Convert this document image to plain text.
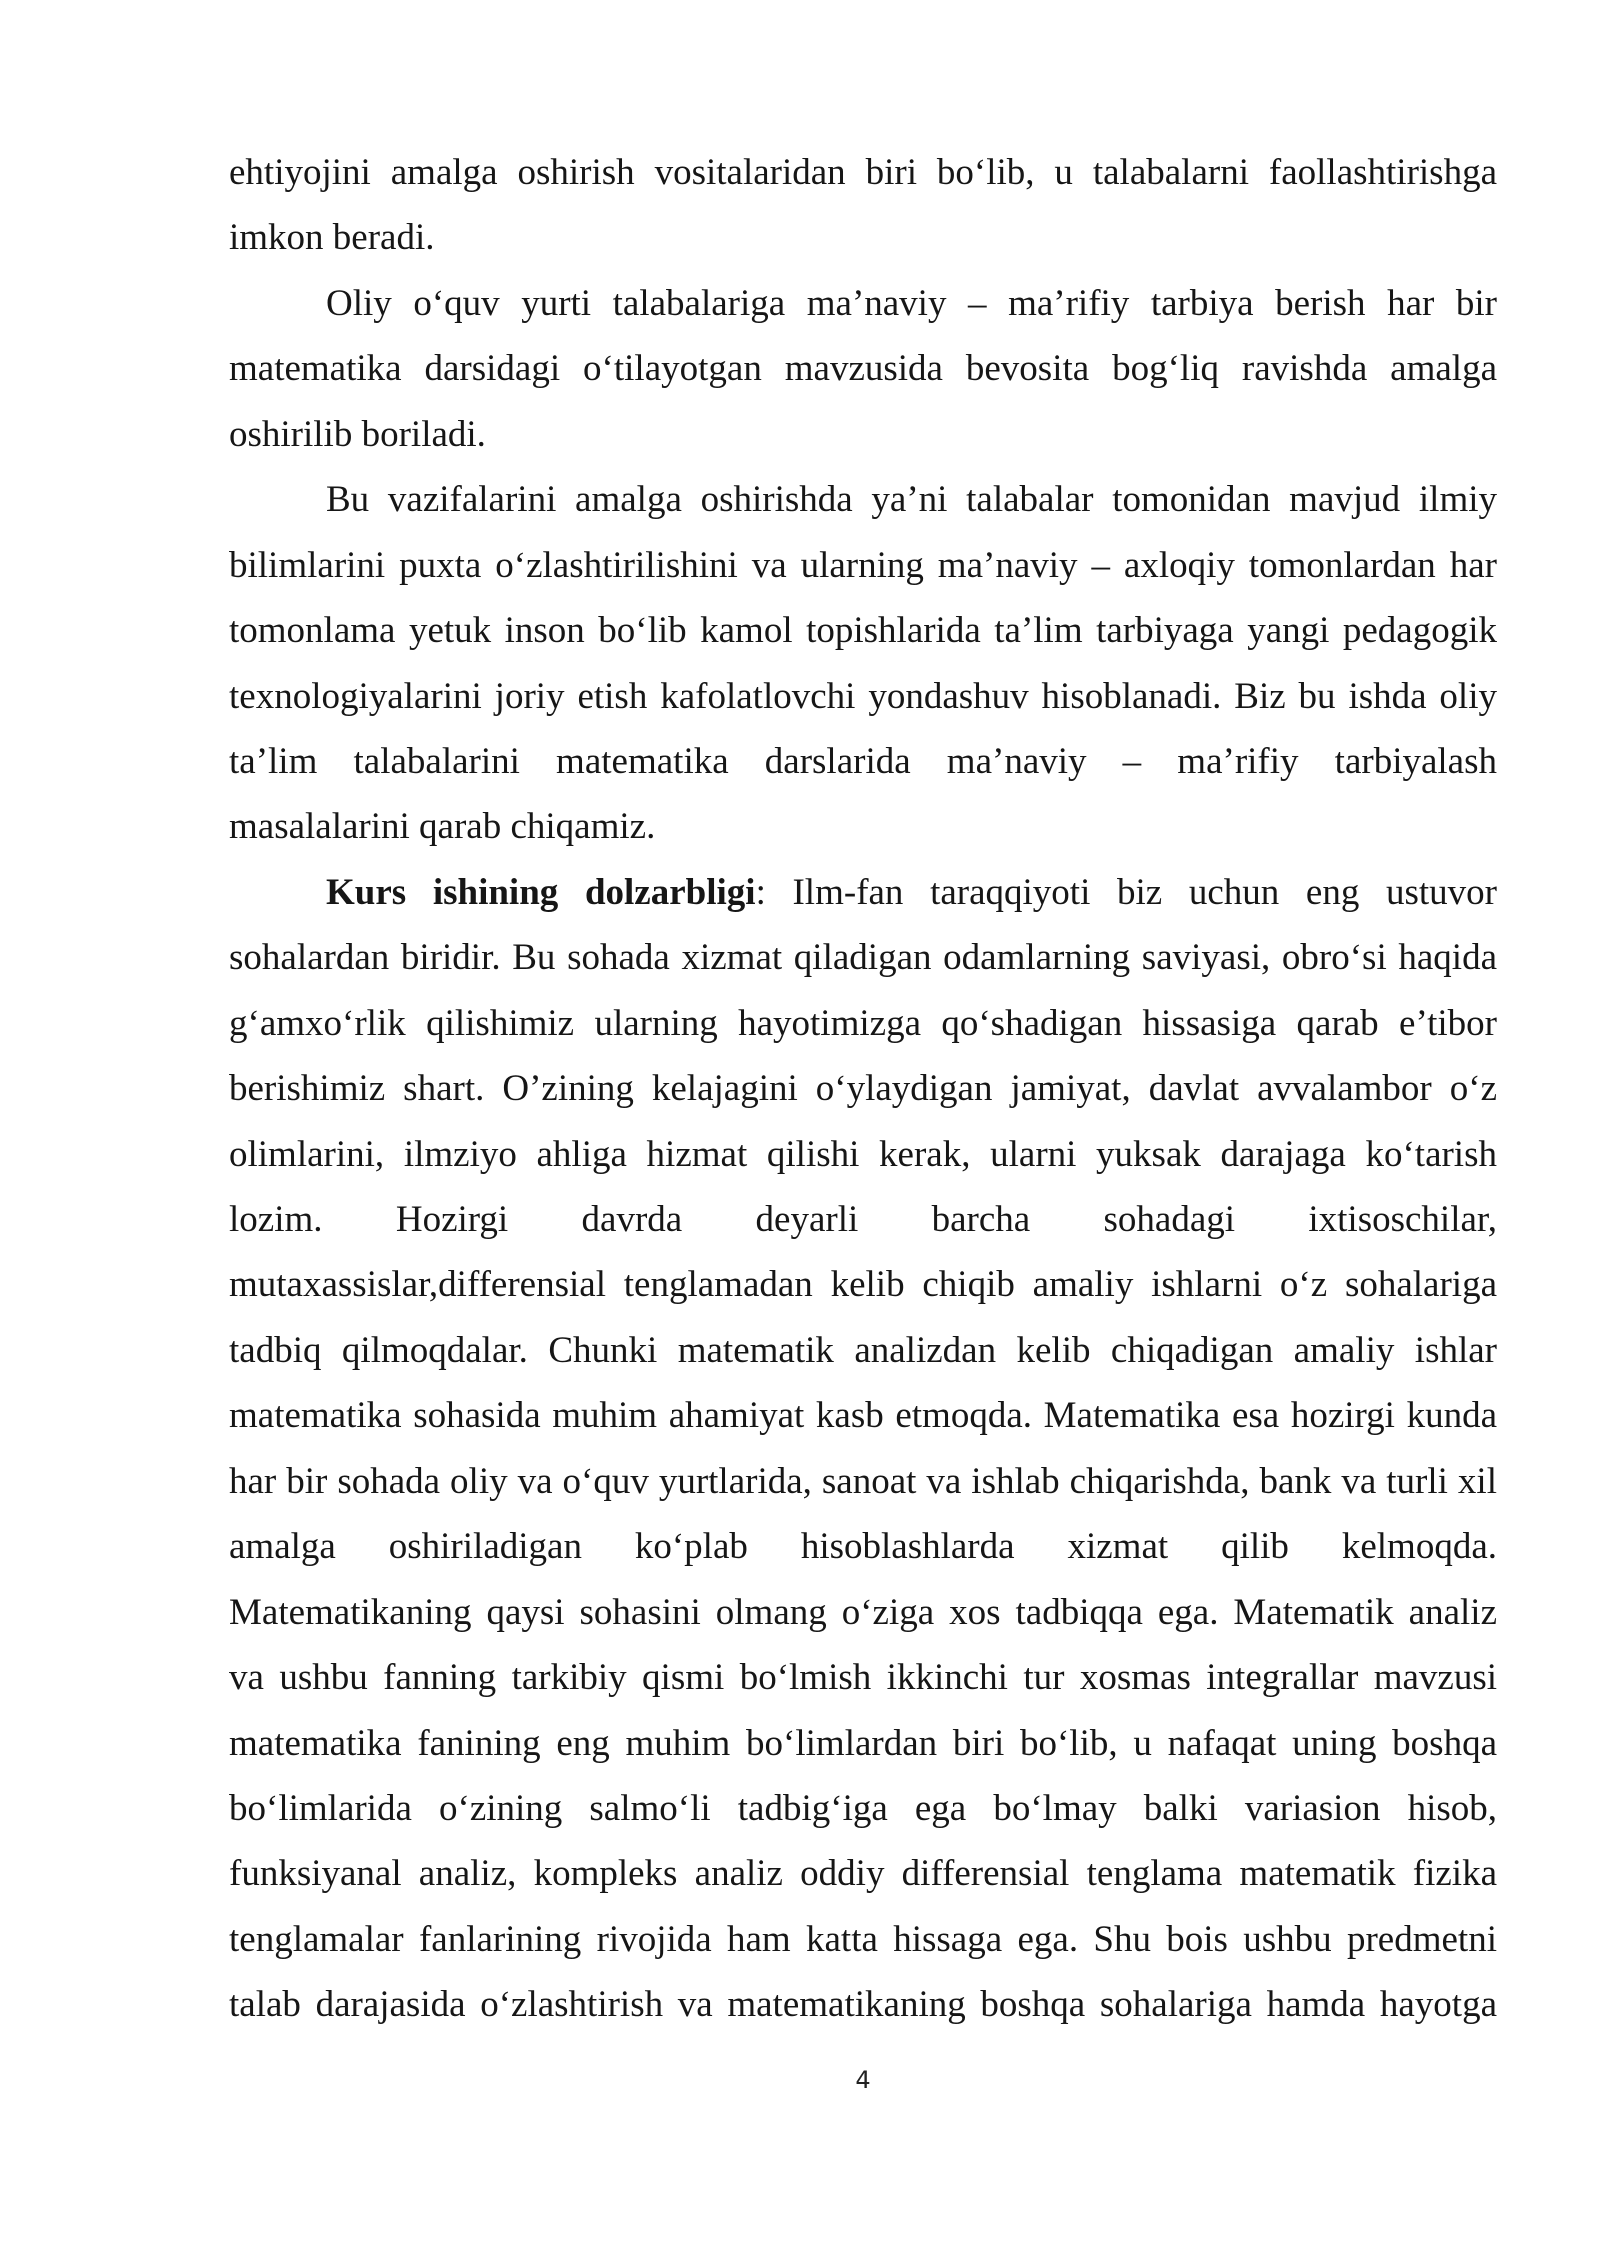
ehtiyojini amalga oshirish vositalaridan biri bo‘lib, u talabalarni faollashtirishga
imkon beradi.
Oliy o‘quv yurti talabalariga ma’naviy – ma’rifiy tarbiya berish har bir
matematika darsidagi o‘tilayotgan mavzusida bevosita bog‘liq ravishda amalga
oshirilib boriladi.
Bu vazifalarini amalga oshirishda ya’ni talabalar tomonidan mavjud ilmiy
bilimlarini puxta o‘zlashtirilishini va ularning ma’naviy – axloqiy tomonlardan har
tomonlama yetuk inson bo‘lib kamol topishlarida ta’lim tarbiyaga yangi pedagogik
texnologiyalarini joriy etish kafolatlovchi yondashuv hisoblanadi. Biz bu ishda oliy
ta’lim talabalarini matematika darslarida ma’naviy – ma’rifiy tarbiyalash
masalalarini qarab chiqamiz.
Kurs ishining dolzarbligi: Ilm-fan taraqqiyoti biz uchun eng ustuvor
sohalardan biridir. Bu sohada xizmat qiladigan odamlarning saviyasi, obro‘si haqida
g‘amxo‘rlik qilishimiz ularning hayotimizga qo‘shadigan hissasiga qarab e’tibor
berishimiz shart. O’zining kelajagini o‘ylaydigan jamiyat, davlat avvalambor o‘z
olimlarini, ilmziyo ahliga hizmat qilishi kerak, ularni yuksak darajaga ko‘tarish
lozim. Hozirgi davrda deyarli barcha sohadagi ixtisoschilar,
mutaxassislar,differensial tenglamadan kelib chiqib amaliy ishlarni o‘z sohalariga
tadbiq qilmoqdalar. Chunki matematik analizdan kelib chiqadigan amaliy ishlar
matematika sohasida muhim ahamiyat kasb etmoqda. Matematika esa hozirgi kunda
har bir sohada oliy va o‘quv yurtlarida, sanoat va ishlab chiqarishda, bank va turli xil
amalga oshiriladigan ko‘plab hisoblashlarda xizmat qilib kelmoqda.
Matematikaning qaysi sohasini olmang o‘ziga xos tadbiqqa ega. Matematik analiz
va ushbu fanning tarkibiy qismi bo‘lmish ikkinchi tur xosmas integrallar mavzusi
matematika fanining eng muhim bo‘limlardan biri bo‘lib, u nafaqat uning boshqa
bo‘limlarida o‘zining salmo‘li tadbig‘iga ega bo‘lmay balki variasion hisob,
funksiyanal analiz, kompleks analiz oddiy differensial tenglama matematik fizika
tenglamalar fanlarining rivojida ham katta hissaga ega. Shu bois ushbu predmetni
talab darajasida o‘zlashtirish va matematikaning boshqa sohalariga hamda hayotga
4
